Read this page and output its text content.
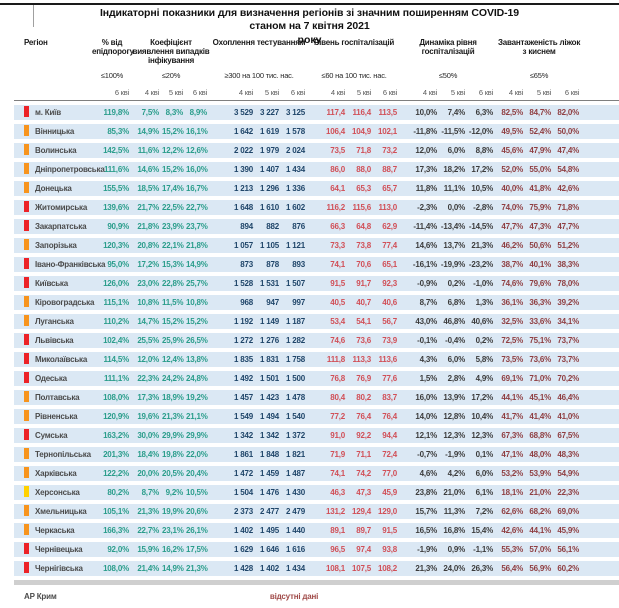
Індикаторні показники для визначення регіонів зі значним поширенням COVID-19
станом на 7 квітня 2021
року
Регіон	% від епідпорогу	Коефіцієнт виявлення випадків інфікування			Охоплення тестуванням			Рівень госпіталізацій			Динаміка рівня госпіталізацій			Завантаженість ліжок з киснем			
	≤100%	≤20%			≥300 на 100 тис. нас.			≤60 на 100 тис. нас.			≤50%			≤65%			
	6 кві	4 кві	5 кві	6 кві	4 кві	5 кві	6 кві	4 кві	5 кві	6 кві	4 кві	5 кві	6 кві	4 кві	5 кві	6 кві	
м. Київ	119,8%	7,5%	8,3%	8,9%	3 529	3 227	3 125	117,4	116,4	113,5	10,0%	7,4%	6,3%	82,5%	84,7%	82,0%	
Вінницька	85,3%	14,9%	15,2%	16,1%	1 642	1 619	1 578	106,4	104,9	102,1	-11,8%	-11,5%	-12,0%	49,5%	52,4%	50,0%	
Волинська	142,5%	11,6%	12,2%	12,6%	2 022	1 979	2 024	73,5	71,8	73,2	12,0%	6,0%	8,8%	45,6%	47,9%	47,4%	
Дніпропетровська	111,6%	14,6%	15,2%	16,0%	1 390	1 407	1 434	86,0	88,0	88,7	17,3%	18,2%	17,2%	52,0%	55,0%	54,8%	
Донецька	155,5%	18,5%	17,4%	16,7%	1 213	1 296	1 336	64,1	65,3	65,7	11,8%	11,1%	10,5%	40,0%	41,8%	42,6%	
Житомирська	139,6%	21,7%	22,5%	22,7%	1 648	1 610	1 602	116,2	115,6	113,0	-2,3%	0,0%	-2,8%	74,0%	75,9%	71,8%	
Закарпатська	90,9%	21,8%	23,9%	23,7%	894	882	876	66,3	64,8	62,9	-11,4%	-13,4%	-14,5%	47,7%	47,3%	47,7%	
Запорізька	120,3%	20,8%	22,1%	21,8%	1 057	1 105	1 121	73,3	73,8	77,4	14,6%	13,7%	21,3%	46,2%	50,6%	51,2%	
Івано-Франківська	95,0%	17,2%	15,3%	14,9%	873	878	893	74,1	70,6	65,1	-16,1%	-19,9%	-23,2%	38,7%	40,1%	38,3%	
Київська	126,0%	23,0%	22,8%	25,7%	1 528	1 531	1 507	91,5	91,7	92,3	-0,9%	0,2%	-1,0%	74,6%	79,6%	78,0%	
Кіровоградська	115,1%	10,8%	11,5%	10,8%	968	947	997	40,5	40,7	40,6	8,7%	6,8%	1,3%	36,1%	36,3%	39,2%	
Луганська	110,2%	14,7%	15,2%	15,2%	1 192	1 149	1 187	53,4	54,1	56,7	43,0%	46,8%	40,6%	32,5%	33,6%	34,1%	
Львівська	102,4%	25,5%	25,9%	26,5%	1 272	1 276	1 282	74,6	73,6	73,9	-0,1%	-0,4%	0,2%	72,5%	75,1%	73,7%	
Миколаївська	114,5%	12,0%	12,4%	13,8%	1 835	1 831	1 758	111,8	113,3	113,6	4,3%	6,0%	5,8%	73,5%	73,6%	73,7%	
Одеська	111,1%	22,3%	24,2%	24,8%	1 492	1 501	1 500	76,8	76,9	77,6	1,5%	2,8%	4,9%	69,1%	71,0%	70,2%	
Полтавська	108,0%	17,3%	18,9%	19,2%	1 457	1 423	1 478	80,4	80,2	83,7	16,0%	13,9%	17,2%	44,1%	45,1%	46,4%	
Рівненська	120,9%	19,6%	21,3%	21,1%	1 549	1 494	1 540	77,2	76,4	76,4	14,0%	12,8%	10,4%	41,7%	41,4%	41,0%	
Сумська	163,2%	30,0%	29,9%	29,9%	1 342	1 342	1 372	91,0	92,2	94,4	12,1%	12,3%	12,3%	67,3%	68,8%	67,5%	
Тернопільська	201,3%	18,4%	19,8%	22,0%	1 861	1 848	1 821	71,9	71,1	72,4	-0,7%	-1,9%	0,1%	47,1%	48,0%	48,3%	
Харківська	122,2%	20,0%	20,5%	20,4%	1 472	1 459	1 487	74,1	74,2	77,0	4,6%	4,2%	6,0%	53,2%	53,9%	54,9%	
Херсонська	80,2%	8,7%	9,2%	10,5%	1 504	1 476	1 430	46,3	47,3	45,9	23,8%	21,0%	6,1%	18,1%	21,0%	22,3%	
Хмельницька	105,1%	21,3%	19,9%	20,6%	2 373	2 477	2 479	131,2	129,4	129,0	15,7%	11,3%	7,2%	62,6%	68,2%	69,0%	
Черкаська	166,3%	22,7%	23,1%	26,1%	1 402	1 495	1 440	89,1	89,7	91,5	16,5%	16,8%	15,4%	42,6%	44,1%	45,9%	
Чернівецька	92,0%	15,9%	16,2%	17,5%	1 629	1 646	1 616	96,5	97,4	93,8	-1,9%	0,9%	-1,1%	55,3%	57,0%	56,1%	
Чернігівська	108,0%	21,4%	14,9%	21,3%	1 428	1 402	1 434	108,1	107,5	108,2	21,3%	24,0%	26,3%	56,4%	56,9%	60,2%	

АР Крим	відсутні дані																
